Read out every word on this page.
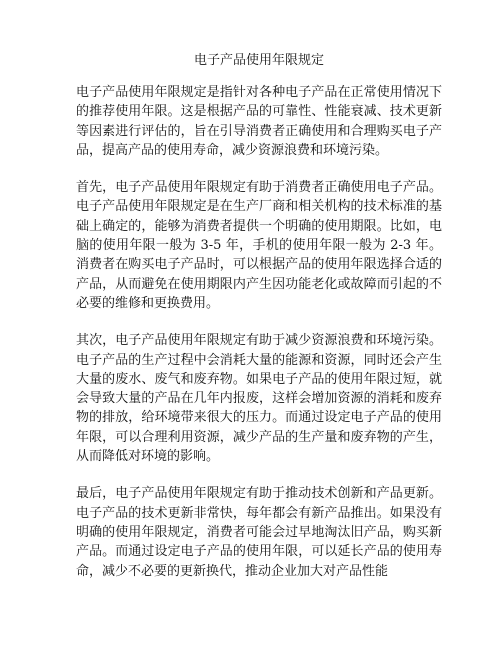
电子产品使用年限规定

电子产品使用年限规定是指针对各种电子产品在正常使用情况下的推荐使用年限。这是根据产品的可靠性、性能衰减、技术更新等因素进行评估的，旨在引导消费者正确使用和合理购买电子产品，提高产品的使用寿命，减少资源浪费和环境污染。

首先，电子产品使用年限规定有助于消费者正确使用电子产品。电子产品使用年限规定是在生产厂商和相关机构的技术标准的基础上确定的，能够为消费者提供一个明确的使用期限。比如，电脑的使用年限一般为 3-5 年，手机的使用年限一般为 2-3 年。消费者在购买电子产品时，可以根据产品的使用年限选择合适的产品，从而避免在使用期限内产生因功能老化或故障而引起的不必要的维修和更换费用。

其次，电子产品使用年限规定有助于减少资源浪费和环境污染。电子产品的生产过程中会消耗大量的能源和资源，同时还会产生大量的废水、废气和废弃物。如果电子产品的使用年限过短，就会导致大量的产品在几年内报废，这样会增加资源的消耗和废弃物的排放，给环境带来很大的压力。而通过设定电子产品的使用年限，可以合理利用资源，减少产品的生产量和废弃物的产生，从而降低对环境的影响。

最后，电子产品使用年限规定有助于推动技术创新和产品更新。电子产品的技术更新非常快，每年都会有新产品推出。如果没有明确的使用年限规定，消费者可能会过早地淘汰旧产品，购买新产品。而通过设定电子产品的使用年限，可以延长产品的使用寿命，减少不必要的更新换代，推动企业加大对产品性能
